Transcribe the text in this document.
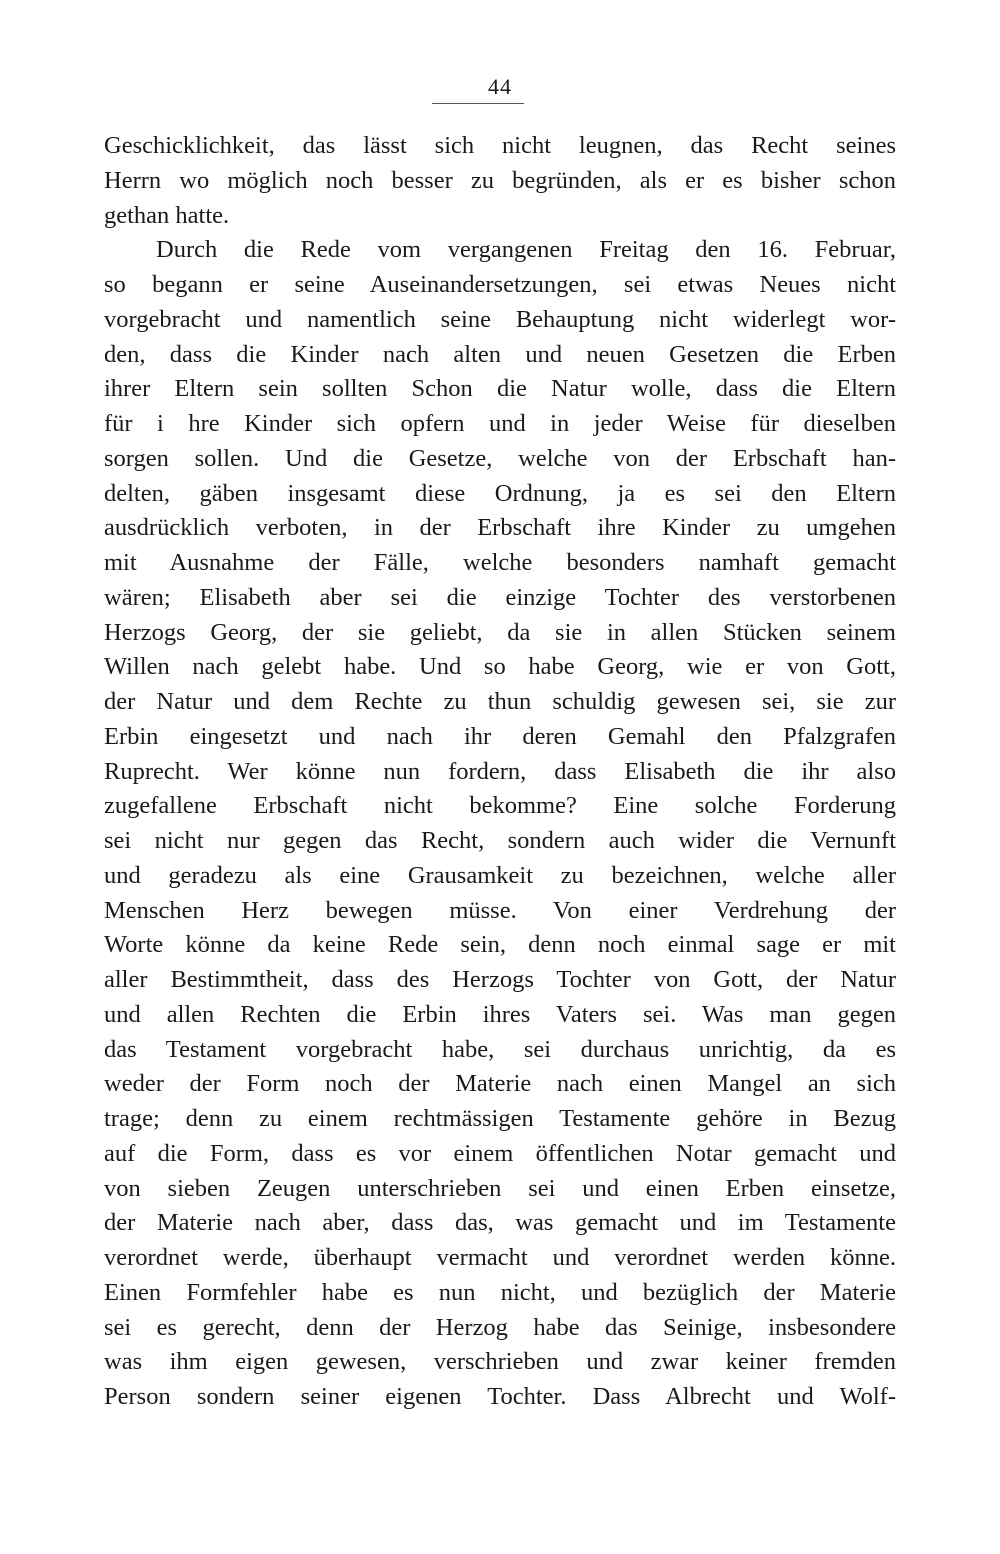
44
Geschicklichkeit, das lässt sich nicht leugnen, das Recht seines
Herrn wo möglich noch besser zu begründen, als er es bisher schon
gethan hatte.
Durch die Rede vom vergangenen Freitag den 16. Februar,
so begann er seine Auseinandersetzungen, sei etwas Neues nicht
vorgebracht und namentlich seine Behauptung nicht widerlegt wor-
den, dass die Kinder nach alten und neuen Gesetzen die Erben
ihrer Eltern sein sollten Schon die Natur wolle, dass die Eltern
für i hre Kinder sich opfern und in jeder Weise für dieselben
sorgen sollen. Und die Gesetze, welche von der Erbschaft han-
delten, gäben insgesamt diese Ordnung, ja es sei den Eltern
ausdrücklich verboten, in der Erbschaft ihre Kinder zu umgehen
mit Ausnahme der Fälle, welche besonders namhaft gemacht
wären; Elisabeth aber sei die einzige Tochter des verstorbenen
Herzogs Georg, der sie geliebt, da sie in allen Stücken seinem
Willen nach gelebt habe. Und so habe Georg, wie er von Gott,
der Natur und dem Rechte zu thun schuldig gewesen sei, sie zur
Erbin eingesetzt und nach ihr deren Gemahl den Pfalzgrafen
Ruprecht. Wer könne nun fordern, dass Elisabeth die ihr also
zugefallene Erbschaft nicht bekomme? Eine solche Forderung
sei nicht nur gegen das Recht, sondern auch wider die Vernunft
und geradezu als eine Grausamkeit zu bezeichnen, welche aller
Menschen Herz bewegen müsse. Von einer Verdrehung der
Worte könne da keine Rede sein, denn noch einmal sage er mit
aller Bestimmtheit, dass des Herzogs Tochter von Gott, der Natur
und allen Rechten die Erbin ihres Vaters sei. Was man gegen
das Testament vorgebracht habe, sei durchaus unrichtig, da es
weder der Form noch der Materie nach einen Mangel an sich
trage; denn zu einem rechtmässigen Testamente gehöre in Bezug
auf die Form, dass es vor einem öffentlichen Notar gemacht und
von sieben Zeugen unterschrieben sei und einen Erben einsetze,
der Materie nach aber, dass das, was gemacht und im Testamente
verordnet werde, überhaupt vermacht und verordnet werden könne.
Einen Formfehler habe es nun nicht, und bezüglich der Materie
sei es gerecht, denn der Herzog habe das Seinige, insbesondere
was ihm eigen gewesen, verschrieben und zwar keiner fremden
Person sondern seiner eigenen Tochter. Dass Albrecht und Wolf-
